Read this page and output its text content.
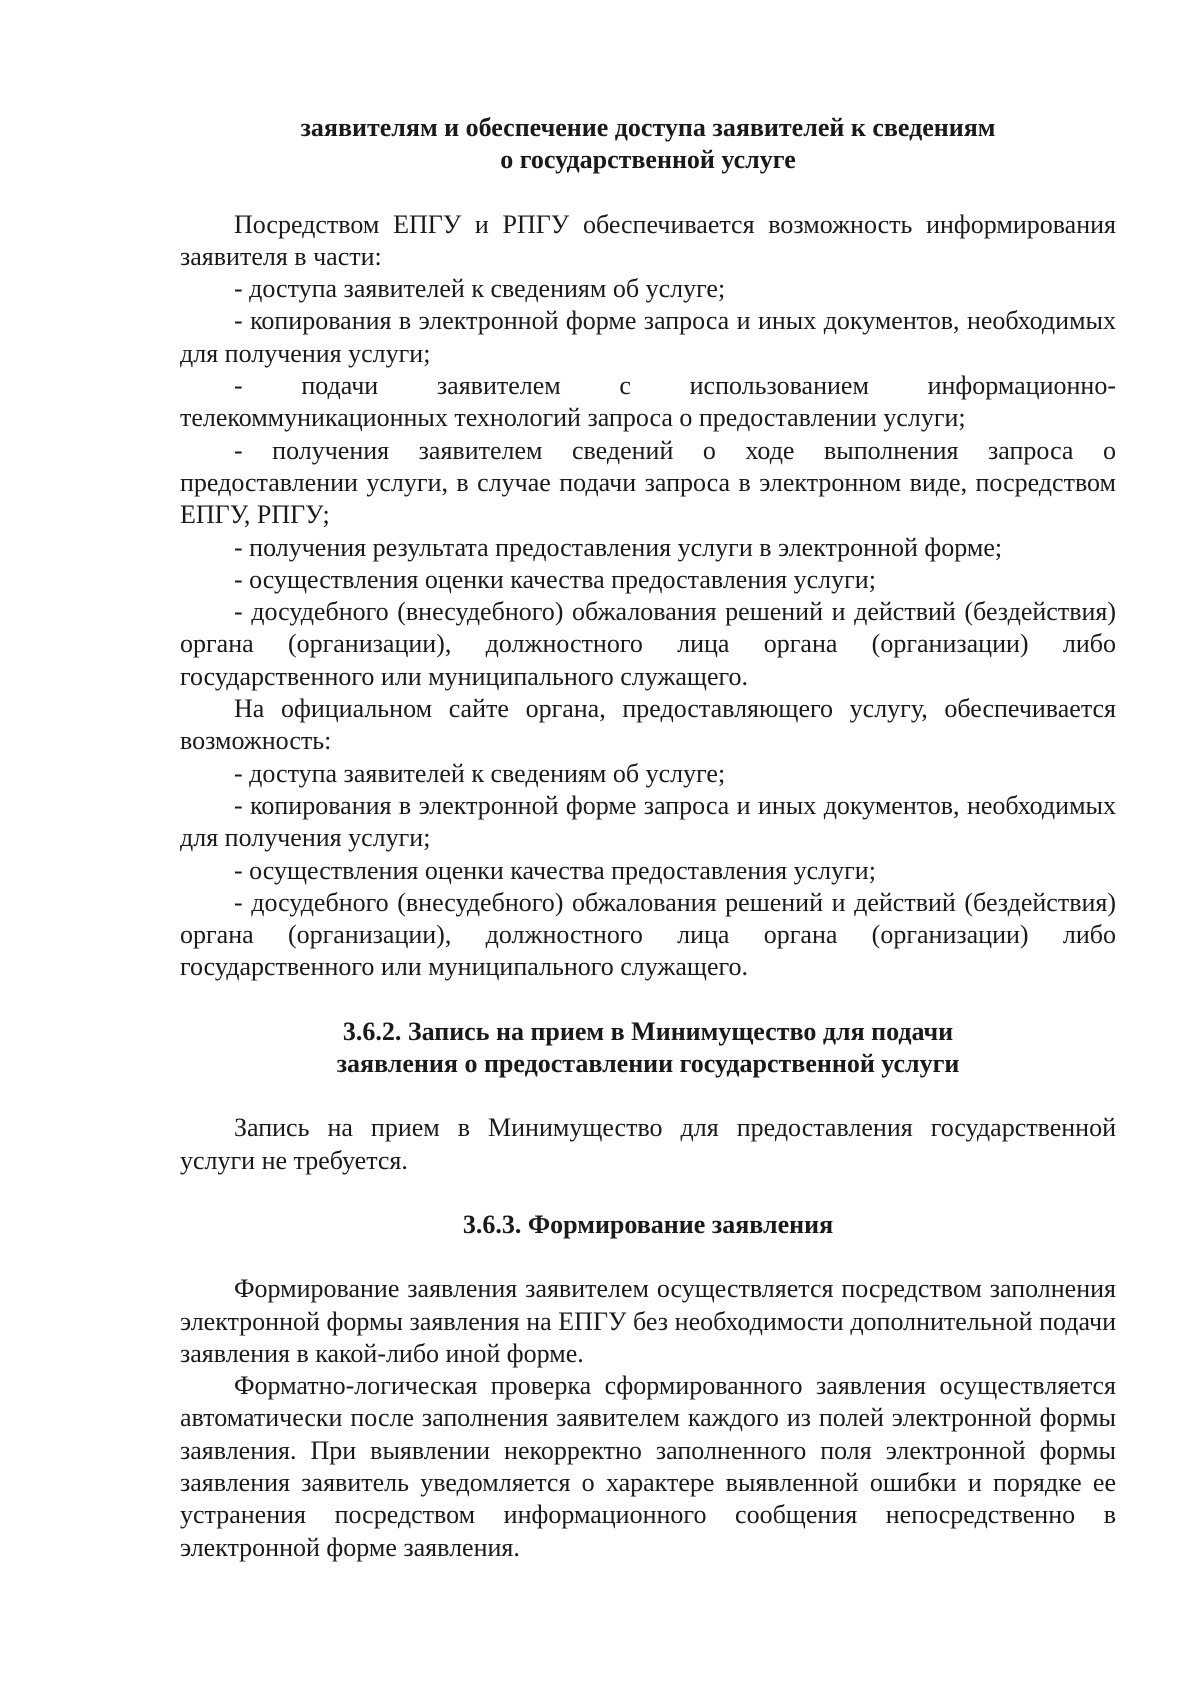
заявителям и обеспечение доступа заявителей к сведениям
о государственной услуге

Посредством ЕПГУ и РПГУ обеспечивается возможность информирования заявителя в части:

- доступа заявителей к сведениям об услуге;

- копирования в электронной форме запроса и иных документов, необходимых для получения услуги;

- подачи заявителем с использованием информационно-телекоммуникационных технологий запроса о предоставлении услуги;

- получения заявителем сведений о ходе выполнения запроса о предоставлении услуги, в случае подачи запроса в электронном виде, посредством ЕПГУ, РПГУ;

- получения результата предоставления услуги в электронной форме;

- осуществления оценки качества предоставления услуги;

- досудебного (внесудебного) обжалования решений и действий (бездействия) органа (организации), должностного лица органа (организации) либо государственного или муниципального служащего.

На официальном сайте органа, предоставляющего услугу, обеспечивается возможность:

- доступа заявителей к сведениям об услуге;

- копирования в электронной форме запроса и иных документов, необходимых для получения услуги;

- осуществления оценки качества предоставления услуги;

- досудебного (внесудебного) обжалования решений и действий (бездействия) органа (организации), должностного лица органа (организации) либо государственного или муниципального служащего.

3.6.2. Запись на прием в Минимущество для подачи
заявления о предоставлении государственной услуги

Запись на прием в Минимущество для предоставления государственной услуги не требуется.

3.6.3. Формирование заявления

Формирование заявления заявителем осуществляется посредством заполнения электронной формы заявления на ЕПГУ без необходимости дополнительной подачи заявления в какой-либо иной форме.

Форматно-логическая проверка сформированного заявления осуществляется автоматически после заполнения заявителем каждого из полей электронной формы заявления. При выявлении некорректно заполненного поля электронной формы заявления заявитель уведомляется о характере выявленной ошибки и порядке ее устранения посредством информационного сообщения непосредственно в электронной форме заявления.
